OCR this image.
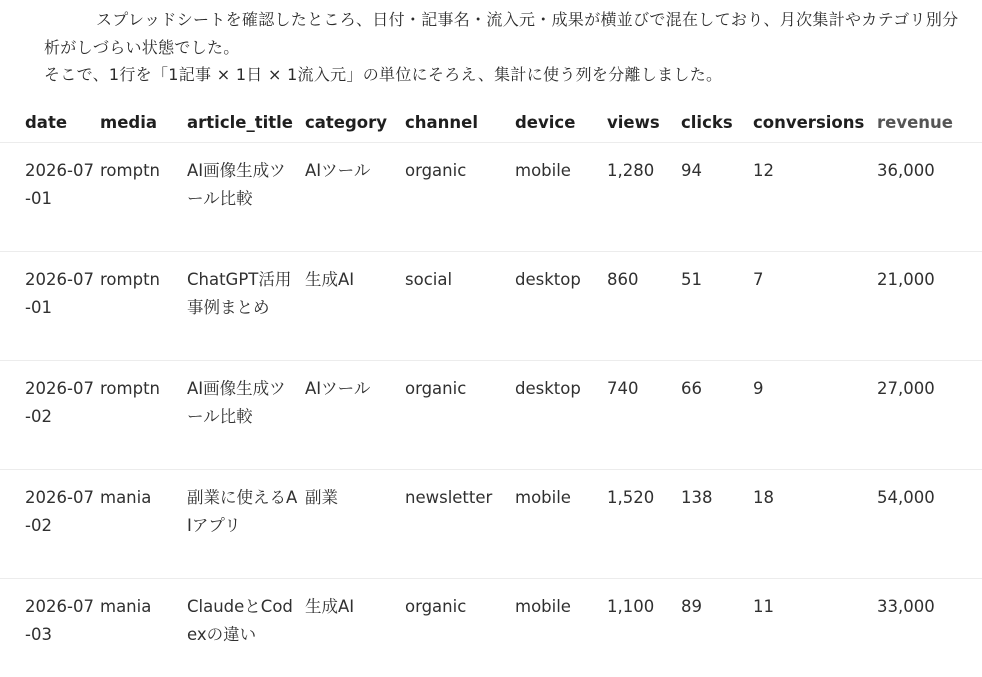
スプレッドシートを確認したところ、日付・記事名・流入元・成果が横並びで混在しており、月次集計やカテゴリ別分析がしづらい状態でした。

そこで、1行を「1記事 × 1日 × 1流入元」の単位にそろえ、集計に使う列を分離しました。

date	media	article_title	category	channel	device	views	clicks	conversions	revenue
2026-07-01	romptn	AI画像生成ツール比較	AIツール	organic	mobile	1,280	94	12	36,000
2026-07-01	romptn	ChatGPT活用事例まとめ	生成AI	social	desktop	860	51	7	21,000
2026-07-02	romptn	AI画像生成ツール比較	AIツール	organic	desktop	740	66	9	27,000
2026-07-02	mania	副業に使えるAIアプリ	副業	newsletter	mobile	1,520	138	18	54,000
2026-07-03	mania	ClaudeとCodexの違い	生成AI	organic	mobile	1,100	89	11	33,000
